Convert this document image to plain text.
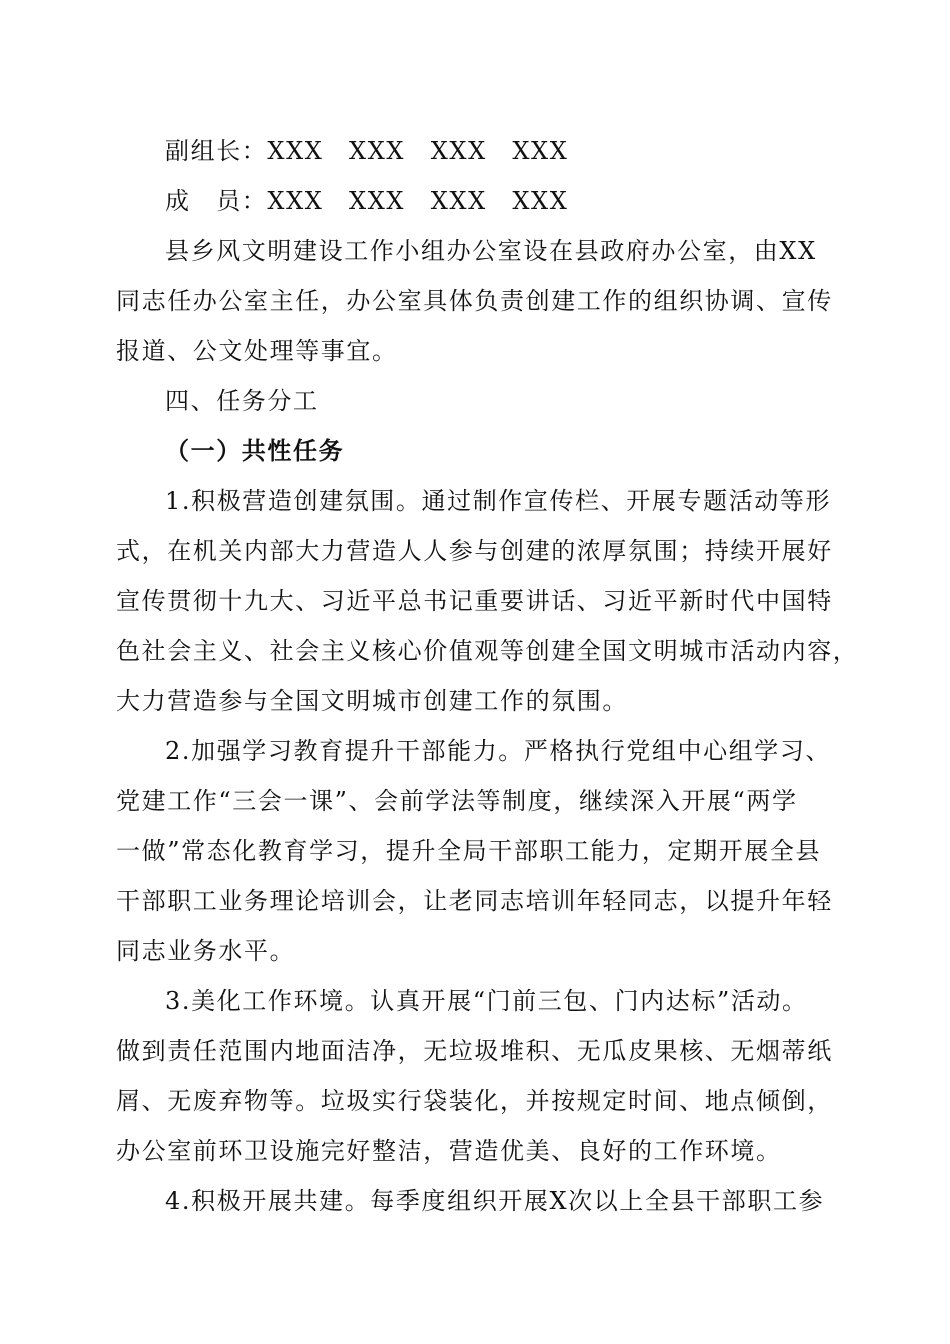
副组长：XXX　XXX　XXX　XXX
成　员：XXX　XXX　XXX　XXX
县乡风文明建设工作小组办公室设在县政府办公室，由XX
同志任办公室主任，办公室具体负责创建工作的组织协调、宣传
报道、公文处理等事宜。
四、任务分工
（一）共性任务
1.积极营造创建氛围。通过制作宣传栏、开展专题活动等形
式，在机关内部大力营造人人参与创建的浓厚氛围；持续开展好
宣传贯彻十九大、习近平总书记重要讲话、习近平新时代中国特
色社会主义、社会主义核心价值观等创建全国文明城市活动内容，
大力营造参与全国文明城市创建工作的氛围。
2.加强学习教育提升干部能力。严格执行党组中心组学习、
党建工作“三会一课”、会前学法等制度，继续深入开展“两学
一做”常态化教育学习，提升全局干部职工能力，定期开展全县
干部职工业务理论培训会，让老同志培训年轻同志，以提升年轻
同志业务水平。
3.美化工作环境。认真开展“门前三包、门内达标”活动。
做到责任范围内地面洁净，无垃圾堆积、无瓜皮果核、无烟蒂纸
屑、无废弃物等。垃圾实行袋装化，并按规定时间、地点倾倒，
办公室前环卫设施完好整洁，营造优美、良好的工作环境。
4.积极开展共建。每季度组织开展X次以上全县干部职工参
